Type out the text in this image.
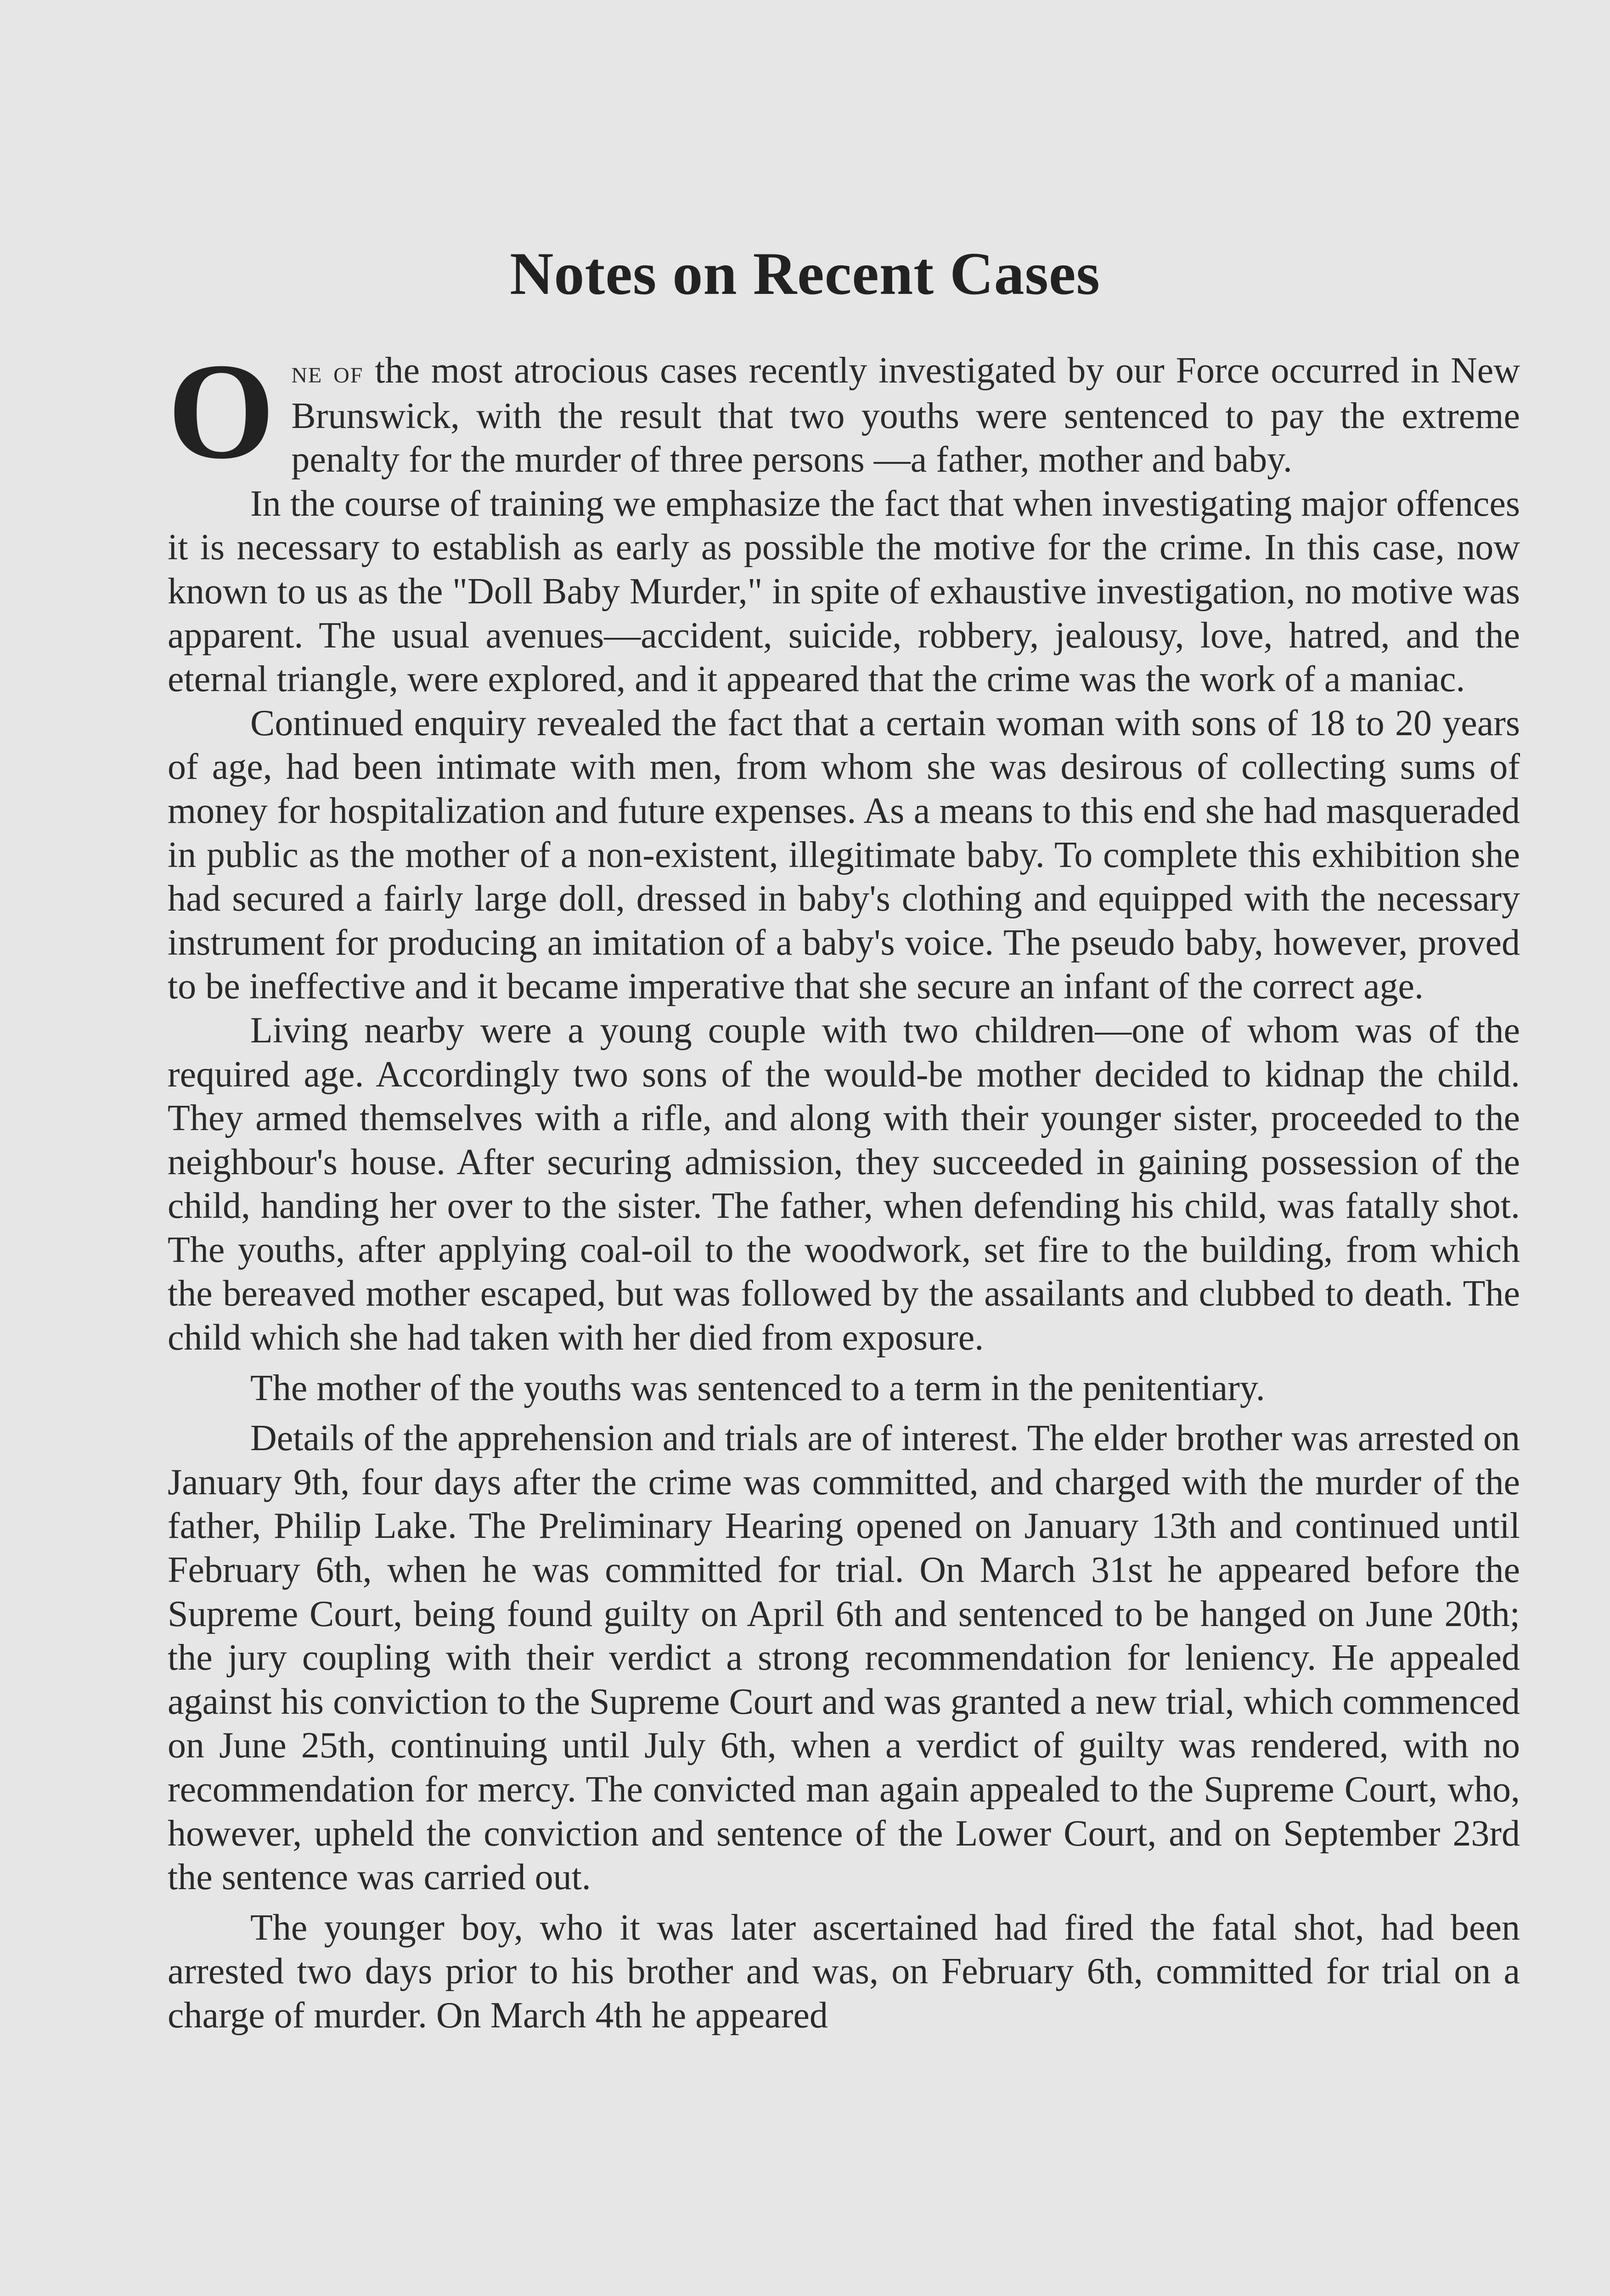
Notes on Recent Cases

One of the most atrocious cases recently investigated by our Force occurred in New Brunswick, with the result that two youths were sentenced to pay the extreme penalty for the murder of three persons —a father, mother and baby.

In the course of training we emphasize the fact that when investigating major offences it is necessary to establish as early as possible the motive for the crime. In this case, now known to us as the "Doll Baby Murder," in spite of exhaustive investigation, no motive was apparent. The usual avenues—accident, suicide, robbery, jealousy, love, hatred, and the eternal triangle, were explored, and it appeared that the crime was the work of a maniac.

Continued enquiry revealed the fact that a certain woman with sons of 18 to 20 years of age, had been intimate with men, from whom she was desirous of collecting sums of money for hospitalization and future expenses. As a means to this end she had masqueraded in public as the mother of a non-existent, illegitimate baby. To complete this exhibition she had secured a fairly large doll, dressed in baby's clothing and equipped with the necessary instrument for producing an imitation of a baby's voice. The pseudo baby, however, proved to be ineffective and it became imperative that she secure an infant of the correct age.

Living nearby were a young couple with two children—one of whom was of the required age. Accordingly two sons of the would-be mother decided to kidnap the child. They armed themselves with a rifle, and along with their younger sister, proceeded to the neighbour's house. After securing admission, they succeeded in gaining possession of the child, handing her over to the sister. The father, when defending his child, was fatally shot. The youths, after applying coal-oil to the woodwork, set fire to the building, from which the bereaved mother escaped, but was followed by the assailants and clubbed to death. The child which she had taken with her died from exposure.

The mother of the youths was sentenced to a term in the penitentiary.

Details of the apprehension and trials are of interest. The elder brother was arrested on January 9th, four days after the crime was committed, and charged with the murder of the father, Philip Lake. The Preliminary Hearing opened on January 13th and continued until February 6th, when he was committed for trial. On March 31st he appeared before the Supreme Court, being found guilty on April 6th and sentenced to be hanged on June 20th; the jury coupling with their verdict a strong recommendation for leniency. He appealed against his conviction to the Supreme Court and was granted a new trial, which commenced on June 25th, continuing until July 6th, when a verdict of guilty was rendered, with no recommendation for mercy. The convicted man again appealed to the Supreme Court, who, however, upheld the conviction and sentence of the Lower Court, and on September 23rd the sentence was carried out.

The younger boy, who it was later ascertained had fired the fatal shot, had been arrested two days prior to his brother and was, on February 6th, committed for trial on a charge of murder. On March 4th he appeared
